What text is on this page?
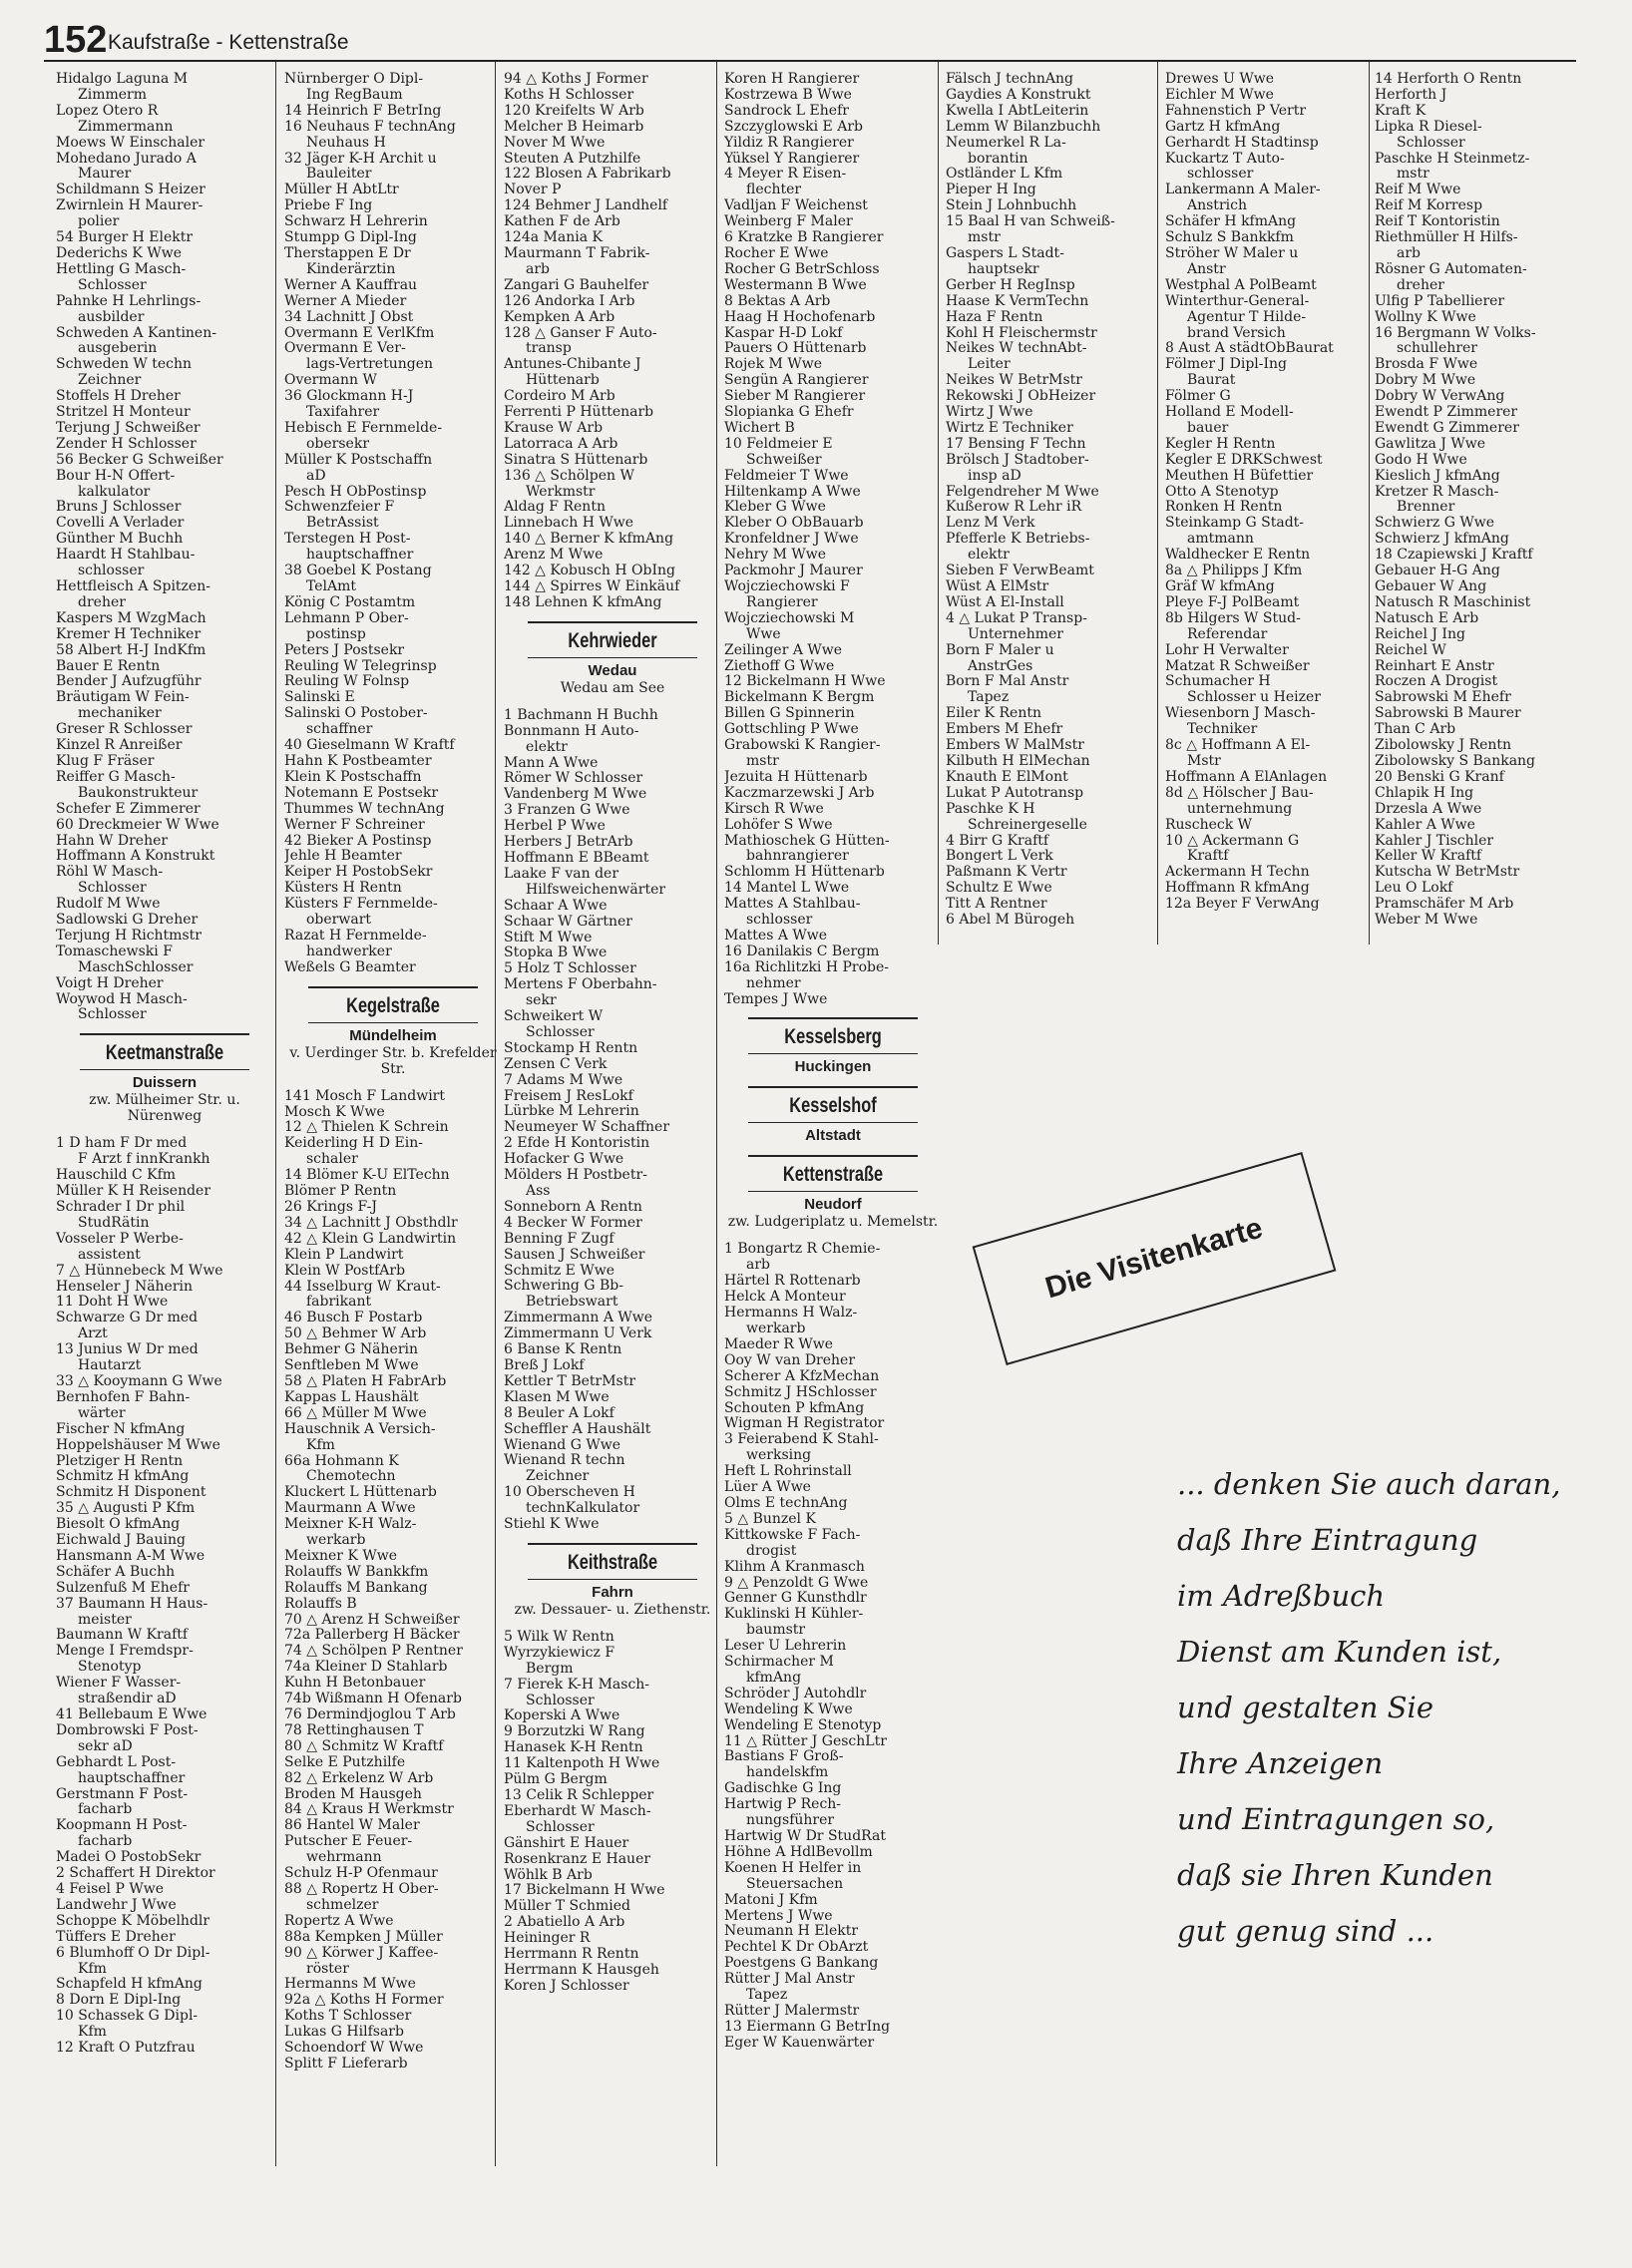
152 Kaufstraße - Kettenstraße
Hidalgo Laguna M
Zimmerm
Lopez Otero R
Zimmermann
Moews W Einschaler
Mohedano Jurado A
Maurer
Schildmann S Heizer
Zwirnlein H Maurer-
polier
54 Burger H Elektr
Dederichs K Wwe
Hettling G Masch-
Schlosser
Pahnke H Lehrlings-
ausbilder
Schweden A Kantinen-
ausgeberin
Schweden W techn
Zeichner
Stoffels H Dreher
Stritzel H Monteur
Terjung J Schweißer
Zender H Schlosser
56 Becker G Schweißer
Bour H-N Offert-
kalkulator
Bruns J Schlosser
Covelli A Verlader
Günther M Buchh
Haardt H Stahlbau-
schlosser
Hettfleisch A Spitzen-
dreher
Kaspers M WzgMach
Kremer H Techniker
58 Albert H-J IndKfm
Bauer E Rentn
Bender J Aufzugführ
Bräutigam W Fein-
mechaniker
Greser R Schlosser
Kinzel R Anreißer
Klug F Fräser
Reiffer G Masch-
Baukonstrukteur
Schefer E Zimmerer
60 Dreckmeier W Wwe
Hahn W Dreher
Hoffmann A Konstrukt
Röhl W Masch-
Schlosser
Rudolf M Wwe
Sadlowski G Dreher
Terjung H Richtmstr
Tomaschewski F
MaschSchlosser
Voigt H Dreher
Woywod H Masch-
Schlosser
Keetmanstraße
Duissern
zw. Mülheimer Str. u. Nürenweg
1 D ham F Dr med
F Arzt f innKrankh
Hauschild C Kfm
Müller K H Reisender
Schrader I Dr phil
StudRätin
Vosseler P Werbe-
assistent
7 △ Hünnebeck M Wwe
Henseler J Näherin
11 Doht H Wwe
Schwarze G Dr med
Arzt
13 Junius W Dr med
Hautarzt
33 △ Kooymann G Wwe
Bernhofen F Bahn-
wärter
Fischer N kfmAng
Hoppelshäuser M Wwe
Pletziger H Rentn
Schmitz H kfmAng
Schmitz H Disponent
35 △ Augusti P Kfm
Biesolt O kfmAng
Eichwald J Bauing
Hansmann A-M Wwe
Schäfer A Buchh
Sulzenfuß M Ehefr
37 Baumann H Haus-
meister
Baumann W Kraftf
Menge I Fremdspr-
Stenotyp
Wiener F Wasser-
straßendir aD
41 Bellebaum E Wwe
Dombrowski F Post-
sekr aD
Gebhardt L Post-
hauptschaffner
Gerstmann F Post-
facharb
Koopmann H Post-
facharb
Madei O PostobSekr
2 Schaffert H Direktor
4 Feisel P Wwe
Landwehr J Wwe
Schoppe K Möbelhdlr
Tüffers E Dreher
6 Blumhoff O Dr Dipl-
Kfm
Schapfeld H kfmAng
8 Dorn E Dipl-Ing
10 Schassek G Dipl-
Kfm
12 Kraft O Putzfrau
Nürnberger O Dipl-
Ing RegBaum
14 Heinrich F BetrIng
16 Neuhaus F technAng
Neuhaus H
32 Jäger K-H Archit u
Bauleiter
Müller H AbtLtr
Priebe F Ing
Schwarz H Lehrerin
Stumpp G Dipl-Ing
Therstappen E Dr
Kinderärztin
Werner A Kauffrau
Werner A Mieder
34 Lachnitt J Obst
Overmann E VerlKfm
Overmann E Ver-
lags-Vertretungen
Overmann W
36 Glockmann H-J
Taxifahrer
Hebisch E Fernmelde-
obersekr
Müller K Postschaffn
aD
Pesch H ObPostinsp
Schwenzfeier F
BetrAssist
Terstegen H Post-
hauptschaffner
38 Goebel K Postang
TelAmt
König C Postamtm
Lehmann P Ober-
postinsp
Peters J Postsekr
Reuling W Telegrinsp
Reuling W Folnsp
Salinski E
Salinski O Postober-
schaffner
40 Gieselmann W Kraftf
Hahn K Postbeamter
Klein K Postschaffn
Notemann E Postsekr
Thummes W technAng
Werner F Schreiner
42 Bieker A Postinsp
Jehle H Beamter
Keiper H PostobSekr
Küsters H Rentn
Küsters F Fernmelde-
oberwart
Razat H Fernmelde-
handwerker
Weßels G Beamter
Kegelstraße
Mündelheim
v. Uerdinger Str. b. Krefelder Str.
141 Mosch F Landwirt
Mosch K Wwe
12 △ Thielen K Schrein
Keiderling H D Ein-
schaler
14 Blömer K-U ElTechn
Blömer P Rentn
26 Krings F-J
34 △ Lachnitt J Obsthdlr
42 △ Klein G Landwirtin
Klein P Landwirt
Klein W PostfArb
44 Isselburg W Kraut-
fabrikant
46 Busch F Postarb
50 △ Behmer W Arb
Behmer G Näherin
Senftleben M Wwe
58 △ Platen H FabrArb
Kappas L Haushält
66 △ Müller M Wwe
Hauschnik A Versich-
Kfm
66a Hohmann K
Chemotechn
Kluckert L Hüttenarb
Maurmann A Wwe
Meixner K-H Walz-
werkarb
Meixner K Wwe
Rolauffs W Bankkfm
Rolauffs M Bankang
Rolauffs B
70 △ Arenz H Schweißer
72a Pallerberg H Bäcker
74 △ Schölpen P Rentner
74a Kleiner D Stahlarb
Kuhn H Betonbauer
74b Wißmann H Ofenarb
76 Dermindjoglou T Arb
78 Rettinghausen T
80 △ Schmitz W Kraftf
Selke E Putzhilfe
82 △ Erkelenz W Arb
Broden M Hausgeh
84 △ Kraus H Werkmstr
86 Hantel W Maler
Putscher E Feuer-
wehrmann
Schulz H-P Ofenmaur
88 △ Ropertz H Ober-
schmelzer
Ropertz A Wwe
88a Kempken J Müller
90 △ Körwer J Kaffee-
röster
Hermanns M Wwe
92a △ Koths H Former
Koths T Schlosser
Lukas G Hilfsarb
Schoendorf W Wwe
Splitt F Lieferarb
94 △ Koths J Former
Koths H Schlosser
120 Kreifelts W Arb
Melcher B Heimarb
Nover M Wwe
Steuten A Putzhilfe
122 Blosen A Fabrikarb
Nover P
124 Behmer J Landhelf
Kathen F de Arb
124a Mania K
Maurmann T Fabrik-
arb
Zangari G Bauhelfer
126 Andorka I Arb
Kempken A Arb
128 △ Ganser F Auto-
transp
Antunes-Chibante J
Hüttenarb
Cordeiro M Arb
Ferrenti P Hüttenarb
Krause W Arb
Latorraca A Arb
Sinatra S Hüttenarb
136 △ Schölpen W
Werkmstr
Aldag F Rentn
Linnebach H Wwe
140 △ Berner K kfmAng
Arenz M Wwe
142 △ Kobusch H ObIng
144 △ Spirres W Einkäuf
148 Lehnen K kfmAng
Kehrwieder
Wedau
Wedau am See
1 Bachmann H Buchh
Bonnmann H Auto-
elektr
Mann A Wwe
Römer W Schlosser
Vandenberg M Wwe
3 Franzen G Wwe
Herbel P Wwe
Herbers J BetrArb
Hoffmann E BBeamt
Laake F van der
Hilfsweichenwärter
Schaar A Wwe
Schaar W Gärtner
Stift M Wwe
Stopka B Wwe
5 Holz T Schlosser
Mertens F Oberbahn-
sekr
Schweikert W
Schlosser
Stockamp H Rentn
Zensen C Verk
7 Adams M Wwe
Freisem J ResLokf
Lürbke M Lehrerin
Neumeyer W Schaffner
2 Efde H Kontoristin
Hofacker G Wwe
Mölders H Postbetr-
Ass
Sonneborn A Rentn
4 Becker W Former
Benning F Zugf
Sausen J Schweißer
Schmitz E Wwe
Schwering G Bb-
Betriebswart
Zimmermann A Wwe
Zimmermann U Verk
6 Banse K Rentn
Breß J Lokf
Kettler T BetrMstr
Klasen M Wwe
8 Beuler A Lokf
Scheffler A Haushält
Wienand G Wwe
Wienand R techn
Zeichner
10 Oberscheven H
technKalkulator
Stiehl K Wwe
Keithstraße
Fahrn
zw. Dessauer- u. Ziethenstr.
5 Wilk W Rentn
Wyrzykiewicz F
Bergm
7 Fierek K-H Masch-
Schlosser
Koperski A Wwe
9 Borzutzki W Rang
Hanasek K-H Rentn
11 Kaltenpoth H Wwe
Pülm G Bergm
13 Celik R Schlepper
Eberhardt W Masch-
Schlosser
Gänshirt E Hauer
Rosenkranz E Hauer
Wöhlk B Arb
17 Bickelmann H Wwe
Müller T Schmied
2 Abatiello A Arb
Heininger R
Herrmann R Rentn
Herrmann K Hausgeh
Koren J Schlosser
Koren H Rangierer
Kostrzewa B Wwe
Sandrock L Ehefr
Szczyglowski E Arb
Yildiz R Rangierer
Yüksel Y Rangierer
4 Meyer R Eisen-
flechter
Vadljan F Weichenst
Weinberg F Maler
6 Kratzke B Rangierer
Rocher E Wwe
Rocher G BetrSchloss
Westermann B Wwe
8 Bektas A Arb
Haag H Hochofenarb
Kaspar H-D Lokf
Pauers O Hüttenarb
Rojek M Wwe
Sengün A Rangierer
Sieber M Rangierer
Slopianka G Ehefr
Wichert B
10 Feldmeier E
Schweißer
Feldmeier T Wwe
Hiltenkamp A Wwe
Kleber G Wwe
Kleber O ObBauarb
Kronfeldner J Wwe
Nehry M Wwe
Packmohr J Maurer
Wojcziechowski F
Rangierer
Wojcziechowski M
Wwe
Zeilinger A Wwe
Ziethoff G Wwe
12 Bickelmann H Wwe
Bickelmann K Bergm
Billen G Spinnerin
Gottschling P Wwe
Grabowski K Rangier-
mstr
Jezuita H Hüttenarb
Kaczmarzewski J Arb
Kirsch R Wwe
Lohöfer S Wwe
Mathioschek G Hütten-
bahnrangierer
Schlomm H Hüttenarb
14 Mantel L Wwe
Mattes A Stahlbau-
schlosser
Mattes A Wwe
16 Danilakis C Bergm
16a Richlitzki H Probe-
nehmer
Tempes J Wwe
Kesselsberg
Huckingen
Kesselshof
Altstadt
Kettenstraße
Neudorf
zw. Ludgeriplatz u. Memelstr.
1 Bongartz R Chemie-
arb
Härtel R Rottenarb
Helck A Monteur
Hermanns H Walz-
werkarb
Maeder R Wwe
Ooy W van Dreher
Scherer A KfzMechan
Schmitz J HSchlosser
Schouten P kfmAng
Wigman H Registrator
3 Feierabend K Stahl-
werksing
Heft L Rohrinstall
Lüer A Wwe
Olms E technAng
5 △ Bunzel K
Kittkowske F Fach-
drogist
Klihm A Kranmasch
9 △ Penzoldt G Wwe
Genner G Kunsthdlr
Kuklinski H Kühler-
baumstr
Leser U Lehrerin
Schirmacher M
kfmAng
Schröder J Autohdlr
Wendeling K Wwe
Wendeling E Stenotyp
11 △ Rütter J GeschLtr
Bastians F Groß-
handelskfm
Gadischke G Ing
Hartwig P Rech-
nungsführer
Hartwig W Dr StudRat
Höhne A HdlBevollm
Koenen H Helfer in
Steuersachen
Matoni J Kfm
Mertens J Wwe
Neumann H Elektr
Pechtel K Dr ObArzt
Poestgens G Bankang
Rütter J Mal Anstr
Tapez
Rütter J Malermstr
13 Eiermann G BetrIng
Eger W Kauenwärter
Fälsch J technAng
Gaydies A Konstrukt
Kwella I AbtLeiterin
Lemm W Bilanzbuchh
Neumerkel R La-
borantin
Ostländer L Kfm
Pieper H Ing
Stein J Lohnbuchh
15 Baal H van Schweiß-
mstr
Gaspers L Stadt-
hauptsekr
Gerber H RegInsp
Haase K VermTechn
Haza F Rentn
Kohl H Fleischermstr
Neikes W technAbt-
Leiter
Neikes W BetrMstr
Rekowski J ObHeizer
Wirtz J Wwe
Wirtz E Techniker
17 Bensing F Techn
Brölsch J Stadtober-
insp aD
Felgendreher M Wwe
Kußerow R Lehr iR
Lenz M Verk
Pfefferle K Betriebs-
elektr
Sieben F VerwBeamt
Wüst A ElMstr
Wüst A El-Install
4 △ Lukat P Transp-
Unternehmer
Born F Maler u
AnstrGes
Born F Mal Anstr
Tapez
Eiler K Rentn
Embers M Ehefr
Embers W MalMstr
Kilbuth H ElMechan
Knauth E ElMont
Lukat P Autotransp
Paschke K H
Schreinergeselle
4 Birr G Kraftf
Bongert L Verk
Paßmann K Vertr
Schultz E Wwe
Titt A Rentner
6 Abel M Bürogeh
Drewes U Wwe
Eichler M Wwe
Fahnenstich P Vertr
Gartz H kfmAng
Gerhardt H Stadtinsp
Kuckartz T Auto-
schlosser
Lankermann A Maler-
Anstrich
Schäfer H kfmAng
Schulz S Bankkfm
Ströher W Maler u
Anstr
Westphal A PolBeamt
Winterthur-General-
Agentur T Hilde-
brand Versich
8 Aust A städtObBaurat
Fölmer J Dipl-Ing
Baurat
Fölmer G
Holland E Modell-
bauer
Kegler H Rentn
Kegler E DRKSchwest
Meuthen H Büfettier
Otto A Stenotyp
Ronken H Rentn
Steinkamp G Stadt-
amtmann
Waldhecker E Rentn
8a △ Philipps J Kfm
Gräf W kfmAng
Pleye F-J PolBeamt
8b Hilgers W Stud-
Referendar
Lohr H Verwalter
Matzat R Schweißer
Schumacher H
Schlosser u Heizer
Wiesenborn J Masch-
Techniker
8c △ Hoffmann A El-
Mstr
Hoffmann A ElAnlagen
8d △ Hölscher J Bau-
unternehmung
Ruscheck W
10 △ Ackermann G
Kraftf
Ackermann H Techn
Hoffmann R kfmAng
12a Beyer F VerwAng
14 Herforth O Rentn
Herforth J
Kraft K
Lipka R Diesel-
Schlosser
Paschke H Steinmetz-
mstr
Reif M Wwe
Reif M Korresp
Reif T Kontoristin
Riethmüller H Hilfs-
arb
Rösner G Automaten-
dreher
Ulfig P Tabellierer
Wollny K Wwe
16 Bergmann W Volks-
schullehrer
Brosda F Wwe
Dobry M Wwe
Dobry W VerwAng
Ewendt P Zimmerer
Ewendt G Zimmerer
Gawlitza J Wwe
Godo H Wwe
Kieslich J kfmAng
Kretzer R Masch-
Brenner
Schwierz G Wwe
Schwierz J kfmAng
18 Czapiewski J Kraftf
Gebauer H-G Ang
Gebauer W Ang
Natusch R Maschinist
Natusch E Arb
Reichel J Ing
Reichel W
Reinhart E Anstr
Roczen A Drogist
Sabrowski M Ehefr
Sabrowski B Maurer
Than C Arb
Zibolowsky J Rentn
Zibolowsky S Bankang
20 Benski G Kranf
Chlapik H Ing
Drzesla A Wwe
Kahler A Wwe
Kahler J Tischler
Keller W Kraftf
Kutscha W BetrMstr
Leu O Lokf
Pramschäfer M Arb
Weber M Wwe
Die Visitenkarte
... denken Sie auch daran,
daß Ihre Eintragung
im Adreßbuch
Dienst am Kunden ist,
und gestalten Sie
Ihre Anzeigen
und Eintragungen so,
daß sie Ihren Kunden
gut genug sind ...
